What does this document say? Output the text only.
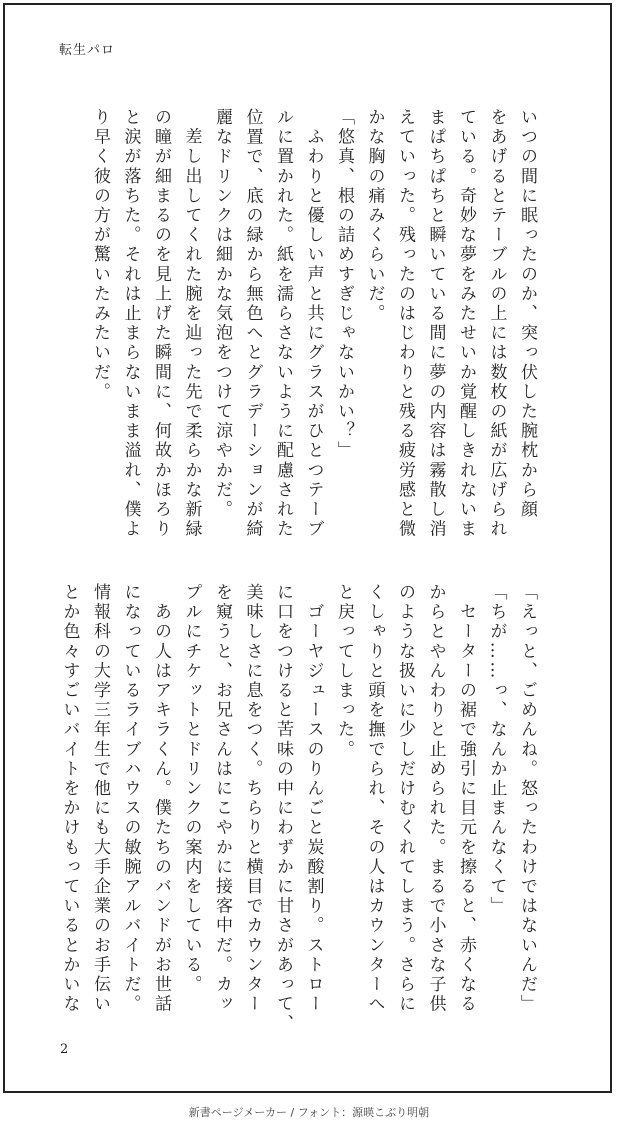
転生パロ
いつの間に眠ったのか、突っ伏した腕枕から顔
をあげるとテーブルの上には数枚の紙が広げられ
ている。奇妙な夢をみたせいか覚醒しきれないま
まぱちぱちと瞬いている間に夢の内容は霧散し消
えていった。残ったのはじわりと残る疲労感と微
かな胸の痛みくらいだ。
「悠真、根の詰めすぎじゃないかい？」
　ふわりと優しい声と共にグラスがひとつテーブ
ルに置かれた。紙を濡らさないように配慮された
位置で、底の緑から無色へとグラデーションが綺
麗なドリンクは細かな気泡をつけて涼やかだ。
　差し出してくれた腕を辿った先で柔らかな新緑
の瞳が細まるのを見上げた瞬間に、何故かほろり
と涙が落ちた。それは止まらないまま溢れ、僕よ
り早く彼の方が驚いたみたいだ。
「えっと、ごめんね。怒ったわけではないんだ」
「ちが……っ、なんか止まんなくて」
　セーターの裾で強引に目元を擦ると、赤くなる
からとやんわりと止められた。まるで小さな子供
のような扱いに少しだけむくれてしまう。さらに
くしゃりと頭を撫でられ、その人はカウンターへ
と戻ってしまった。
　ゴーヤジュースのりんごと炭酸割り。ストロー
に口をつけると苦味の中にわずかに甘さがあって、
美味しさに息をつく。ちらりと横目でカウンター
を窺うと、お兄さんはにこやかに接客中だ。カッ
プルにチケットとドリンクの案内をしている。
　あの人はアキラくん。僕たちのバンドがお世話
になっているライブハウスの敏腕アルバイトだ。
情報科の大学三年生で他にも大手企業のお手伝い
とか色々すごいバイトをかけもっているとかいな
2
新書ページメーカー / フォント：源暎こぶり明朝
